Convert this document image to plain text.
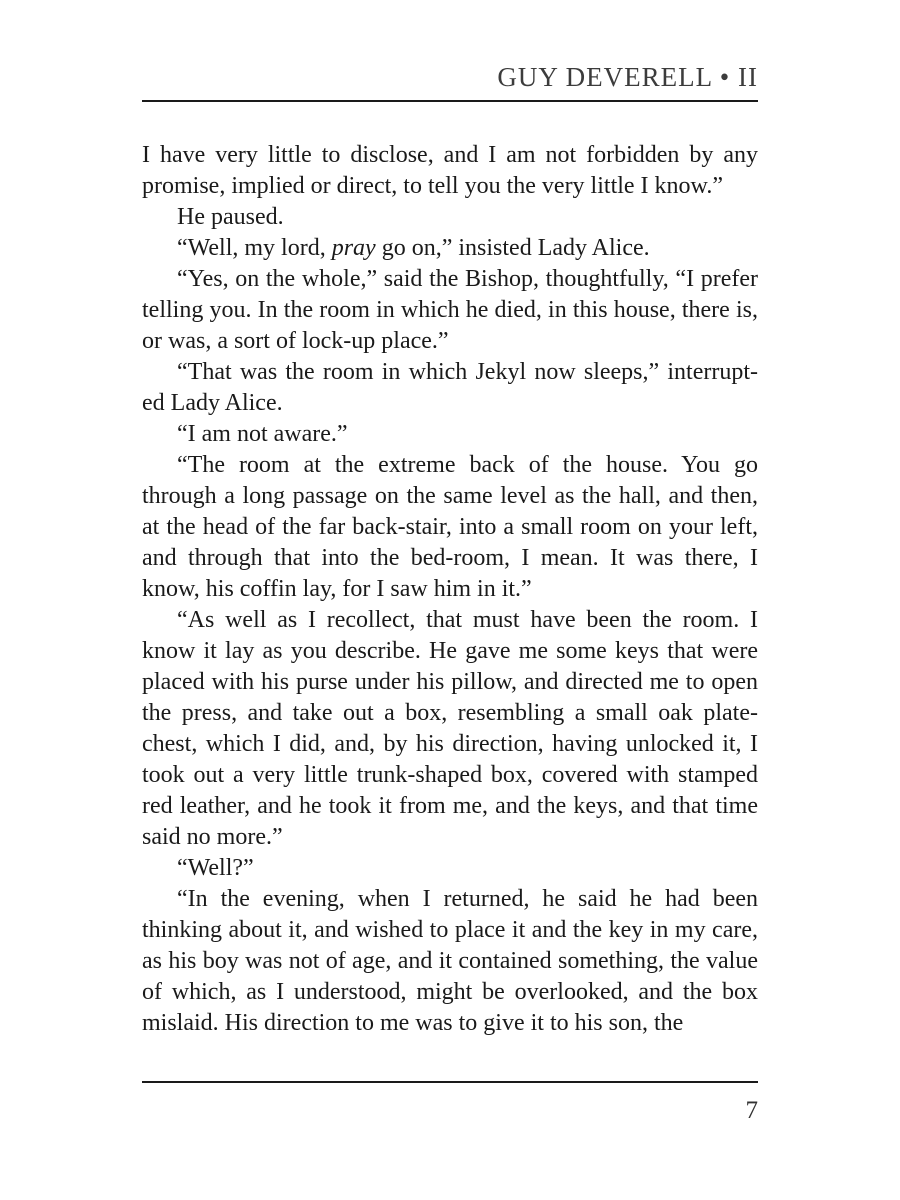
GUY DEVERELL • II

I have very little to disclose, and I am not forbidden by any promise, implied or direct, to tell you the very little I know.”

He paused.

“Well, my lord, pray go on,” insisted Lady Alice.

“Yes, on the whole,” said the Bishop, thoughtfully, “I prefer telling you. In the room in which he died, in this house, there is, or was, a sort of lock-up place.”

“That was the room in which Jekyl now sleeps,” interrupt-ed Lady Alice.

“I am not aware.”

“The room at the extreme back of the house. You go through a long passage on the same level as the hall, and then, at the head of the far back-stair, into a small room on your left, and through that into the bed-room, I mean. It was there, I know, his coffin lay, for I saw him in it.”

“As well as I recollect, that must have been the room. I know it lay as you describe. He gave me some keys that were placed with his purse under his pillow, and directed me to open the press, and take out a box, resembling a small oak plate-chest, which I did, and, by his direction, having unlocked it, I took out a very little trunk-shaped box, covered with stamped red leather, and he took it from me, and the keys, and that time said no more.”

“Well?”

“In the evening, when I returned, he said he had been thinking about it, and wished to place it and the key in my care, as his boy was not of age, and it contained something, the value of which, as I understood, might be overlooked, and the box mislaid. His direction to me was to give it to his son, the

7
